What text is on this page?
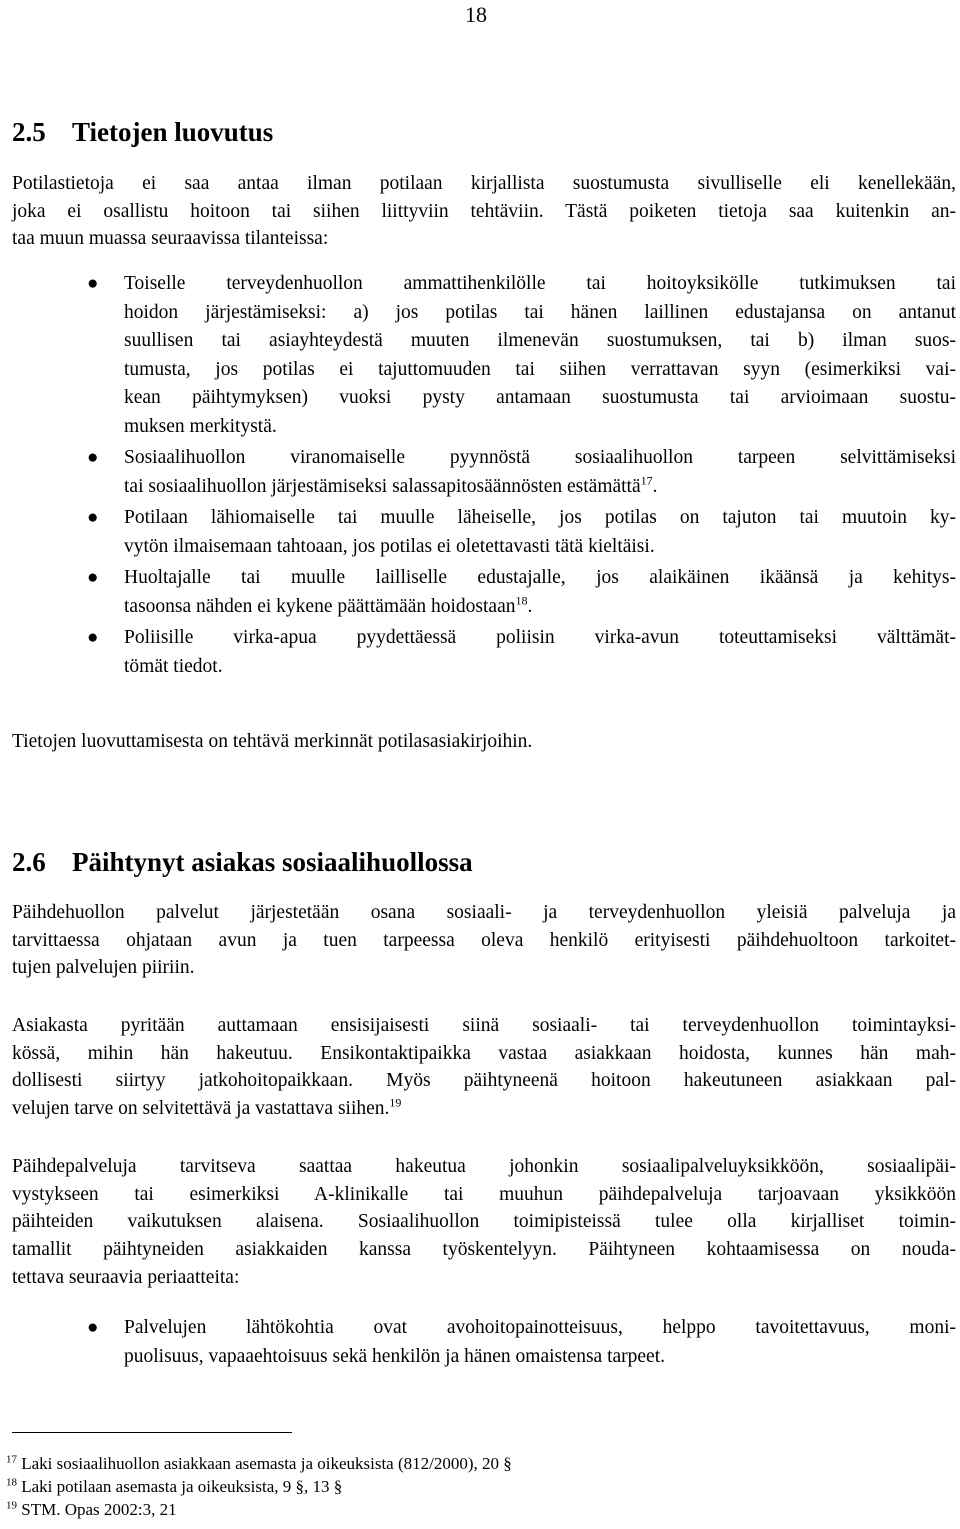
18
2.5 Tietojen luovutus

Potilastietoja ei saa antaa ilman potilaan kirjallista suostumusta sivulliselle eli kenellekään,
joka ei osallistu hoitoon tai siihen liittyviin tehtäviin. Tästä poiketen tietoja saa kuitenkin an-
taa muun muassa seuraavissa tilanteissa:

● Toiselle terveydenhuollon ammattihenkilölle tai hoitoyksikölle tutkimuksen tai
hoidon järjestämiseksi: a) jos potilas tai hänen laillinen edustajansa on antanut
suullisen tai asiayhteydestä muuten ilmenevän suostumuksen, tai b) ilman suos-
tumusta, jos potilas ei tajuttomuuden tai siihen verrattavan syyn (esimerkiksi vai-
kean päihtymyksen) vuoksi pysty antamaan suostumusta tai arvioimaan suostu-
muksen merkitystä.
● Sosiaalihuollon viranomaiselle pyynnöstä sosiaalihuollon tarpeen selvittämiseksi
tai sosiaalihuollon järjestämiseksi salassapitosäännösten estämättä$^{17}$.
● Potilaan lähiomaiselle tai muulle läheiselle, jos potilas on tajuton tai muutoin ky-
vytön ilmaisemaan tahtoaan, jos potilas ei oletettavasti tätä kieltäisi.
● Huoltajalle tai muulle lailliselle edustajalle, jos alaikäinen ikäänsä ja kehitys-
tasoonsa nähden ei kykene päättämään hoidostaan$^{18}$.
● Poliisille virka-apua pyydettäessä poliisin virka-avun toteuttamiseksi välttämät-
tömät tiedot.

Tietojen luovuttamisesta on tehtävä merkinnät potilasasiakirjoihin.

2.6 Päihtynyt asiakas sosiaalihuollossa

Päihdehuollon palvelut järjestetään osana sosiaali- ja terveydenhuollon yleisiä palveluja ja
tarvittaessa ohjataan avun ja tuen tarpeessa oleva henkilö erityisesti päihdehuoltoon tarkoitet-
tujen palvelujen piiriin.

Asiakasta pyritään auttamaan ensisijaisesti siinä sosiaali- tai terveydenhuollon toimintayksi-
kössä, mihin hän hakeutuu. Ensikontaktipaikka vastaa asiakkaan hoidosta, kunnes hän mah-
dollisesti siirtyy jatkohoitopaikkaan. Myös päihtyneenä hoitoon hakeutuneen asiakkaan pal-
velujen tarve on selvitettävä ja vastattava siihen.$^{19}$

Päihdepalveluja tarvitseva saattaa hakeutua johonkin sosiaalipalveluyksikköön, sosiaalipäi-
vystykseen tai esimerkiksi A-klinikalle tai muuhun päihdepalveluja tarjoavaan yksikköön
päihteiden vaikutuksen alaisena. Sosiaalihuollon toimipisteissä tulee olla kirjalliset toimin-
tamallit päihtyneiden asiakkaiden kanssa työskentelyyn. Päihtyneen kohtaamisessa on nouda-
tettava seuraavia periaatteita:

● Palvelujen lähtökohtia ovat avohoitopainotteisuus, helppo tavoitettavuus, moni-
puolisuus, vapaaehtoisuus sekä henkilön ja hänen omaistensa tarpeet.
$^{17}$ Laki sosiaalihuollon asiakkaan asemasta ja oikeuksista (812/2000), 20 §
$^{18}$ Laki potilaan asemasta ja oikeuksista, 9 §, 13 §
$^{19}$ STM. Opas 2002:3, 21
